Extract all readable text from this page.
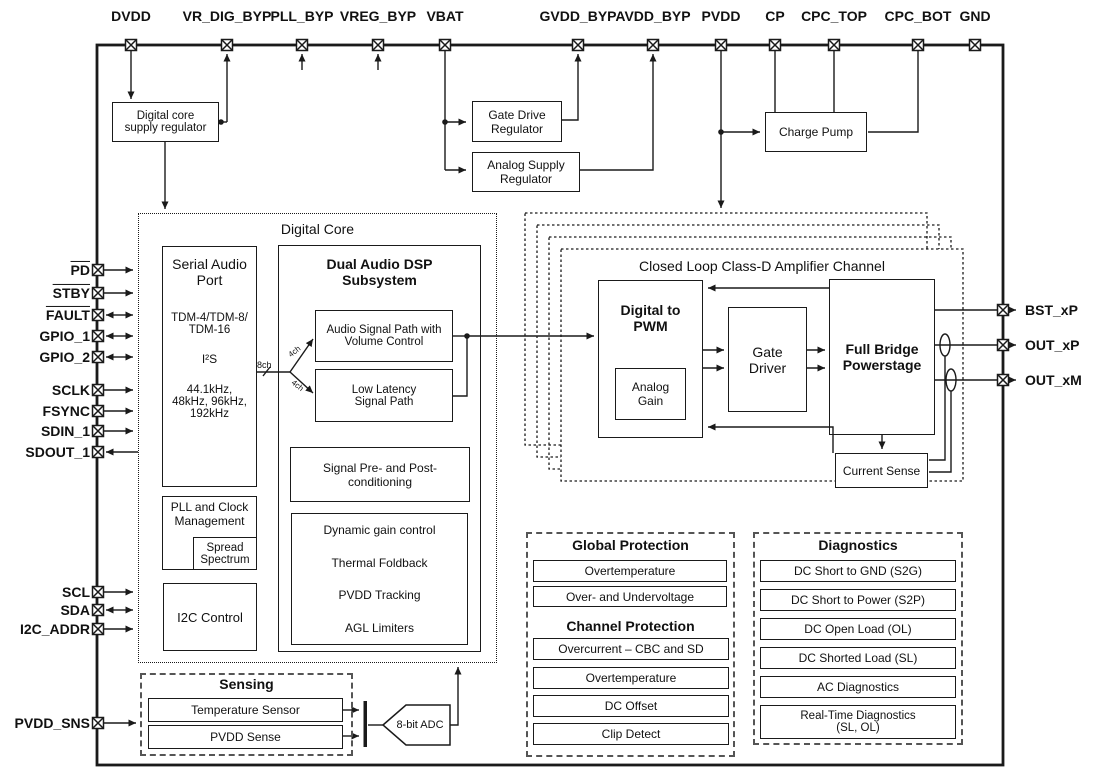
DVDD VR_DIG_BYP PLL_BYP VREG_BYP VBAT	GVDD_BYP
AVDD_BYP PVDD CP CPC_TOP CPC_BOT GND
$\overline{PD}$
STBY
FAULT
GPIO_1
GPIO_2
SCLK
FSYNC
SDIN_1
SDOUT_1
SCL
SDA
I2C_ADDR
PVDD_SNS
BST_xP
OUT_xP
OUT_xM
Digital core
supply regulator
Gate Drive
Regulator
Analog Supply
Regulator
Charge Pump
Digital Core
Serial Audio Port
TDM-4/TDM-8/
TDM-16
I²S
44.1kHz,
48kHz, 96kHz,
192kHz
Dual Audio DSP
Subsystem
Audio Signal Path with
Volume Control
Low Latency
Signal Path
Signal Pre- and Post-
conditioning
Dynamic gain control
Thermal Foldback
PVDD Tracking
AGL Limiters
8ch
4ch
4ch
PLL and Clock
Management
Spread
Spectrum
I2C Control
Sensing
Temperature Sensor
PVDD Sense
8-bit ADC
Closed Loop Class-D Amplifier Channel
Digital to
PWM
Analog
Gain
Gate
Driver
Full Bridge
Powerstage
Current Sense
Global Protection
Overtemperature
Over- and Undervoltage
Channel Protection
Overcurrent – CBC and SD
Overtemperature
DC Offset
Clip Detect
Diagnostics
DC Short to GND (S2G)
DC Short to Power (S2P)
DC Open Load (OL)
DC Shorted Load (SL)
AC Diagnostics
Real-Time Diagnostics
(SL, OL)
